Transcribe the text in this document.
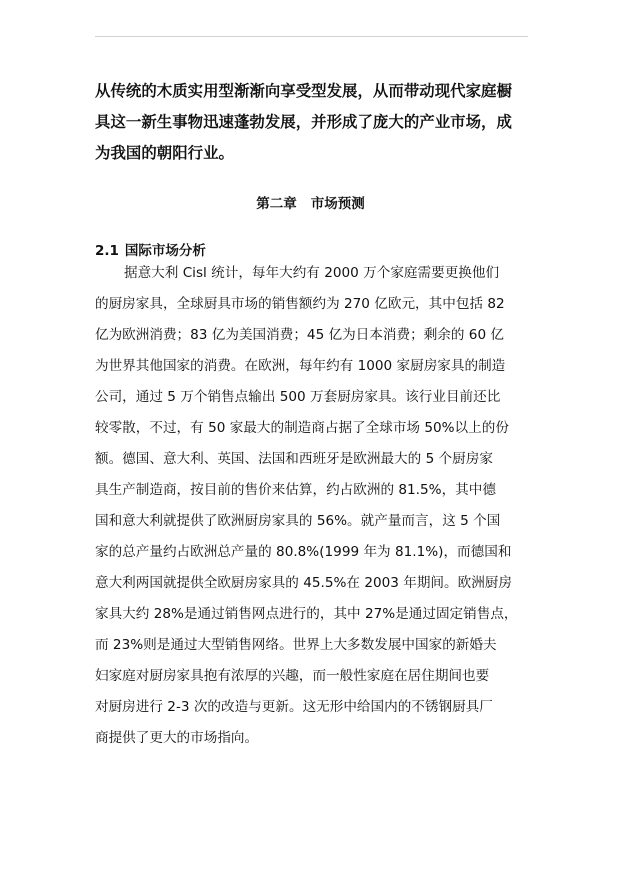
从传统的木质实用型渐渐向享受型发展，从而带动现代家庭橱
具这一新生事物迅速蓬勃发展，并形成了庞大的产业市场，成
为我国的朝阳行业。

第二章 市场预测
2.1 国际市场分析

据意大利 Cisl 统计，每年大约有 2000 万个家庭需要更换他们
的厨房家具，全球厨具市场的销售额约为 270 亿欧元，其中包括 82
亿为欧洲消费；83 亿为美国消费；45 亿为日本消费；剩余的 60 亿
为世界其他国家的消费。在欧洲，每年约有 1000 家厨房家具的制造
公司，通过 5 万个销售点输出 500 万套厨房家具。该行业目前还比
较零散，不过，有 50 家最大的制造商占据了全球市场 50%以上的份
额。德国、意大利、英国、法国和西班牙是欧洲最大的 5 个厨房家
具生产制造商，按目前的售价来估算，约占欧洲的 81.5%，其中德
国和意大利就提供了欧洲厨房家具的 56%。就产量而言，这 5 个国
家的总产量约占欧洲总产量的 80.8%(1999 年为 81.1%)，而德国和
意大利两国就提供全欧厨房家具的 45.5%在 2003 年期间。欧洲厨房
家具大约 28%是通过销售网点进行的，其中 27%是通过固定销售点，
而 23%则是通过大型销售网络。世界上大多数发展中国家的新婚夫
妇家庭对厨房家具抱有浓厚的兴趣，而一般性家庭在居住期间也要
对厨房进行 2-3 次的改造与更新。这无形中给国内的不锈钢厨具厂
商提供了更大的市场指向。
